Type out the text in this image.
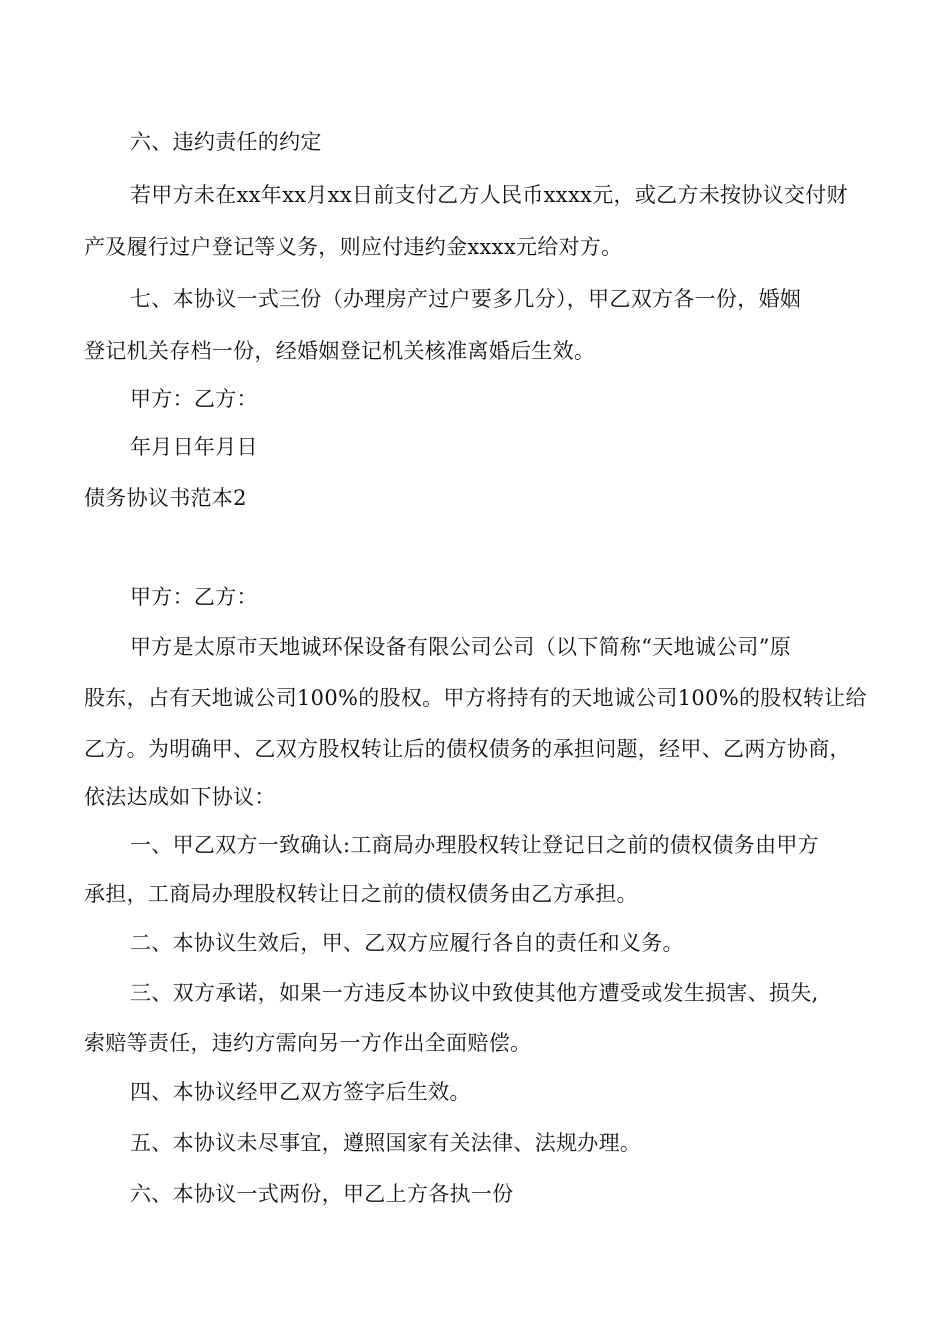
六、违约责任的约定
若甲方未在xx年xx月xx日前支付乙方人民币xxxx元，或乙方未按协议交付财
产及履行过户登记等义务，则应付违约金xxxx元给对方。
七、本协议一式三份（办理房产过户要多几分），甲乙双方各一份，婚姻
登记机关存档一份，经婚姻登记机关核准离婚后生效。
甲方：乙方：
年月日年月日
债务协议书范本2
甲方：乙方：
甲方是太原市天地诚环保设备有限公司公司（以下简称“天地诚公司”原
股东，占有天地诚公司100%的股权。甲方将持有的天地诚公司100%的股权转让给
乙方。为明确甲、乙双方股权转让后的债权债务的承担问题，经甲、乙两方协商，
依法达成如下协议：
一、甲乙双方一致确认:工商局办理股权转让登记日之前的债权债务由甲方
承担，工商局办理股权转让日之前的债权债务由乙方承担。
二、本协议生效后，甲、乙双方应履行各自的责任和义务。
三、双方承诺，如果一方违反本协议中致使其他方遭受或发生损害、损失,
索赔等责任，违约方需向另一方作出全面赔偿。
四、本协议经甲乙双方签字后生效。
五、本协议未尽事宜，遵照国家有关法律、法规办理。
六、本协议一式两份，甲乙上方各执一份
